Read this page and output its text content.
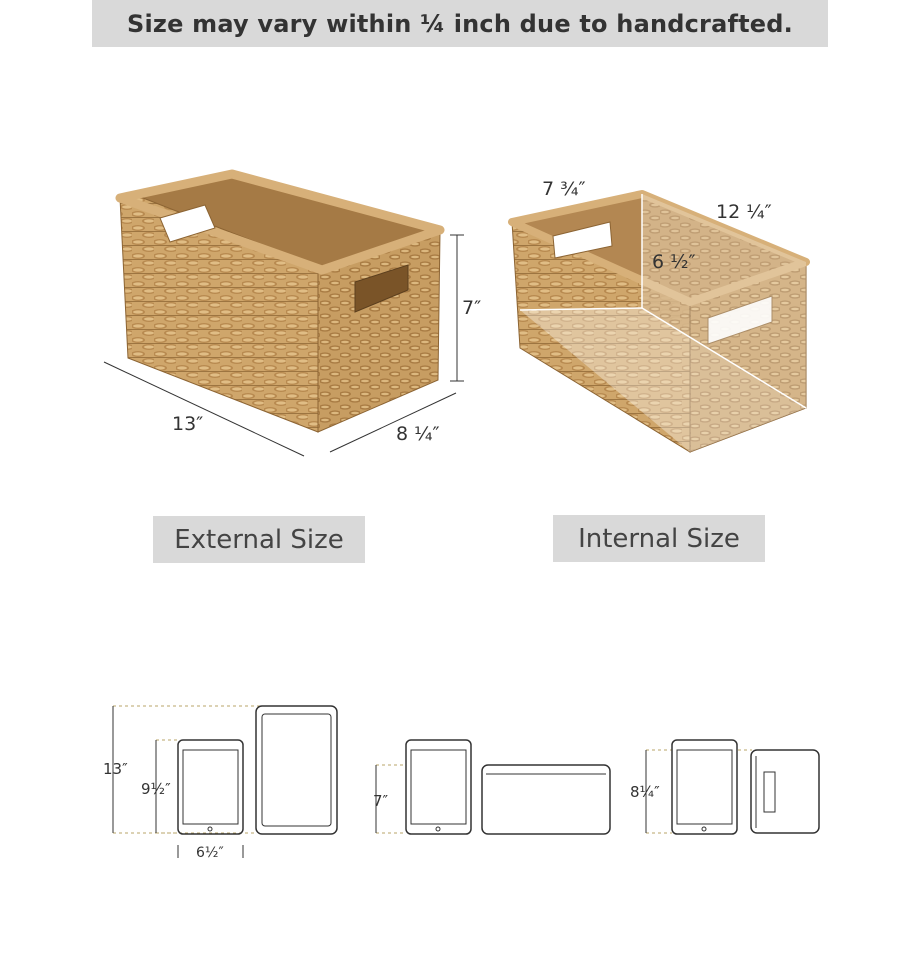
Size may vary within ¼ inch due to handcrafted.
13″	8 ¼″
7″
7 ¾″
12 ¼″
6 ½″
13″
9½″
6½″
7″	8¼″
External Size	Internal Size
